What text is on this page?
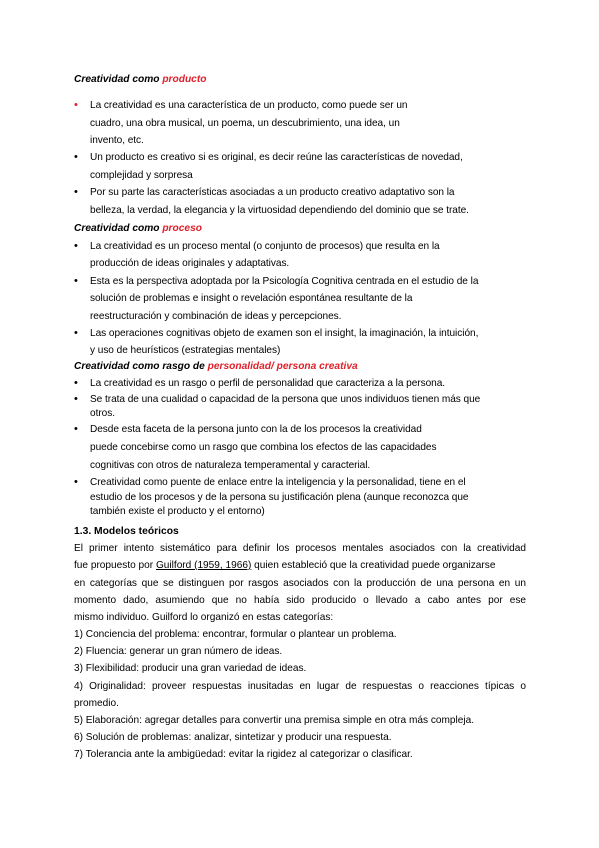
Creatividad como producto
• La creatividad es una característica de un producto, como puede ser un
cuadro, una obra musical, un poema, un descubrimiento, una idea, un
invento, etc.
• Un producto es creativo si es original, es decir reúne las características de novedad,
complejidad y sorpresa
• Por su parte las características asociadas a un producto creativo adaptativo son la
belleza, la verdad, la elegancia y la virtuosidad dependiendo del dominio que se trate.
Creatividad como proceso
• La creatividad es un proceso mental (o conjunto de procesos) que resulta en la
producción de ideas originales y adaptativas.
• Esta es la perspectiva adoptada por la Psicología Cognitiva centrada en el estudio de la
solución de problemas e insight o revelación espontánea resultante de la
reestructuración y combinación de ideas y percepciones.
• Las operaciones cognitivas objeto de examen son el insight, la imaginación, la intuición,
y uso de heurísticos (estrategias mentales)
Creatividad como rasgo de personalidad/ persona creativa
• La creatividad es un rasgo o perfil de personalidad que caracteriza a la persona.
• Se trata de una cualidad o capacidad de la persona que unos individuos tienen más que
otros.
• Desde esta faceta de la persona junto con la de los procesos la creatividad
puede concebirse como un rasgo que combina los efectos de las capacidades
cognitivas con otros de naturaleza temperamental y caracterial.
• Creatividad como puente de enlace entre la inteligencia y la personalidad, tiene en el
estudio de los procesos y de la persona su justificación plena (aunque reconozca que
también existe el producto y el entorno)
1.3. Modelos teóricos
El primer intento sistemático para definir los procesos mentales asociados con la creatividad
fue propuesto por Guilford (1959, 1966) quien estableció que la creatividad puede organizarse
en categorías que se distinguen por rasgos asociados con la producción de una persona en un
momento dado, asumiendo que no había sido producido o llevado a cabo antes por ese
mismo individuo. Guilford lo organizó en estas categorías:
1) Conciencia del problema: encontrar, formular o plantear un problema.
2) Fluencia: generar un gran número de ideas.
3) Flexibilidad: producir una gran variedad de ideas.
4) Originalidad: proveer respuestas inusitadas en lugar de respuestas o reacciones típicas o
promedio.
5) Elaboración: agregar detalles para convertir una premisa simple en otra más compleja.
6) Solución de problemas: analizar, sintetizar y producir una respuesta.
7) Tolerancia ante la ambigüedad: evitar la rigidez al categorizar o clasificar.
